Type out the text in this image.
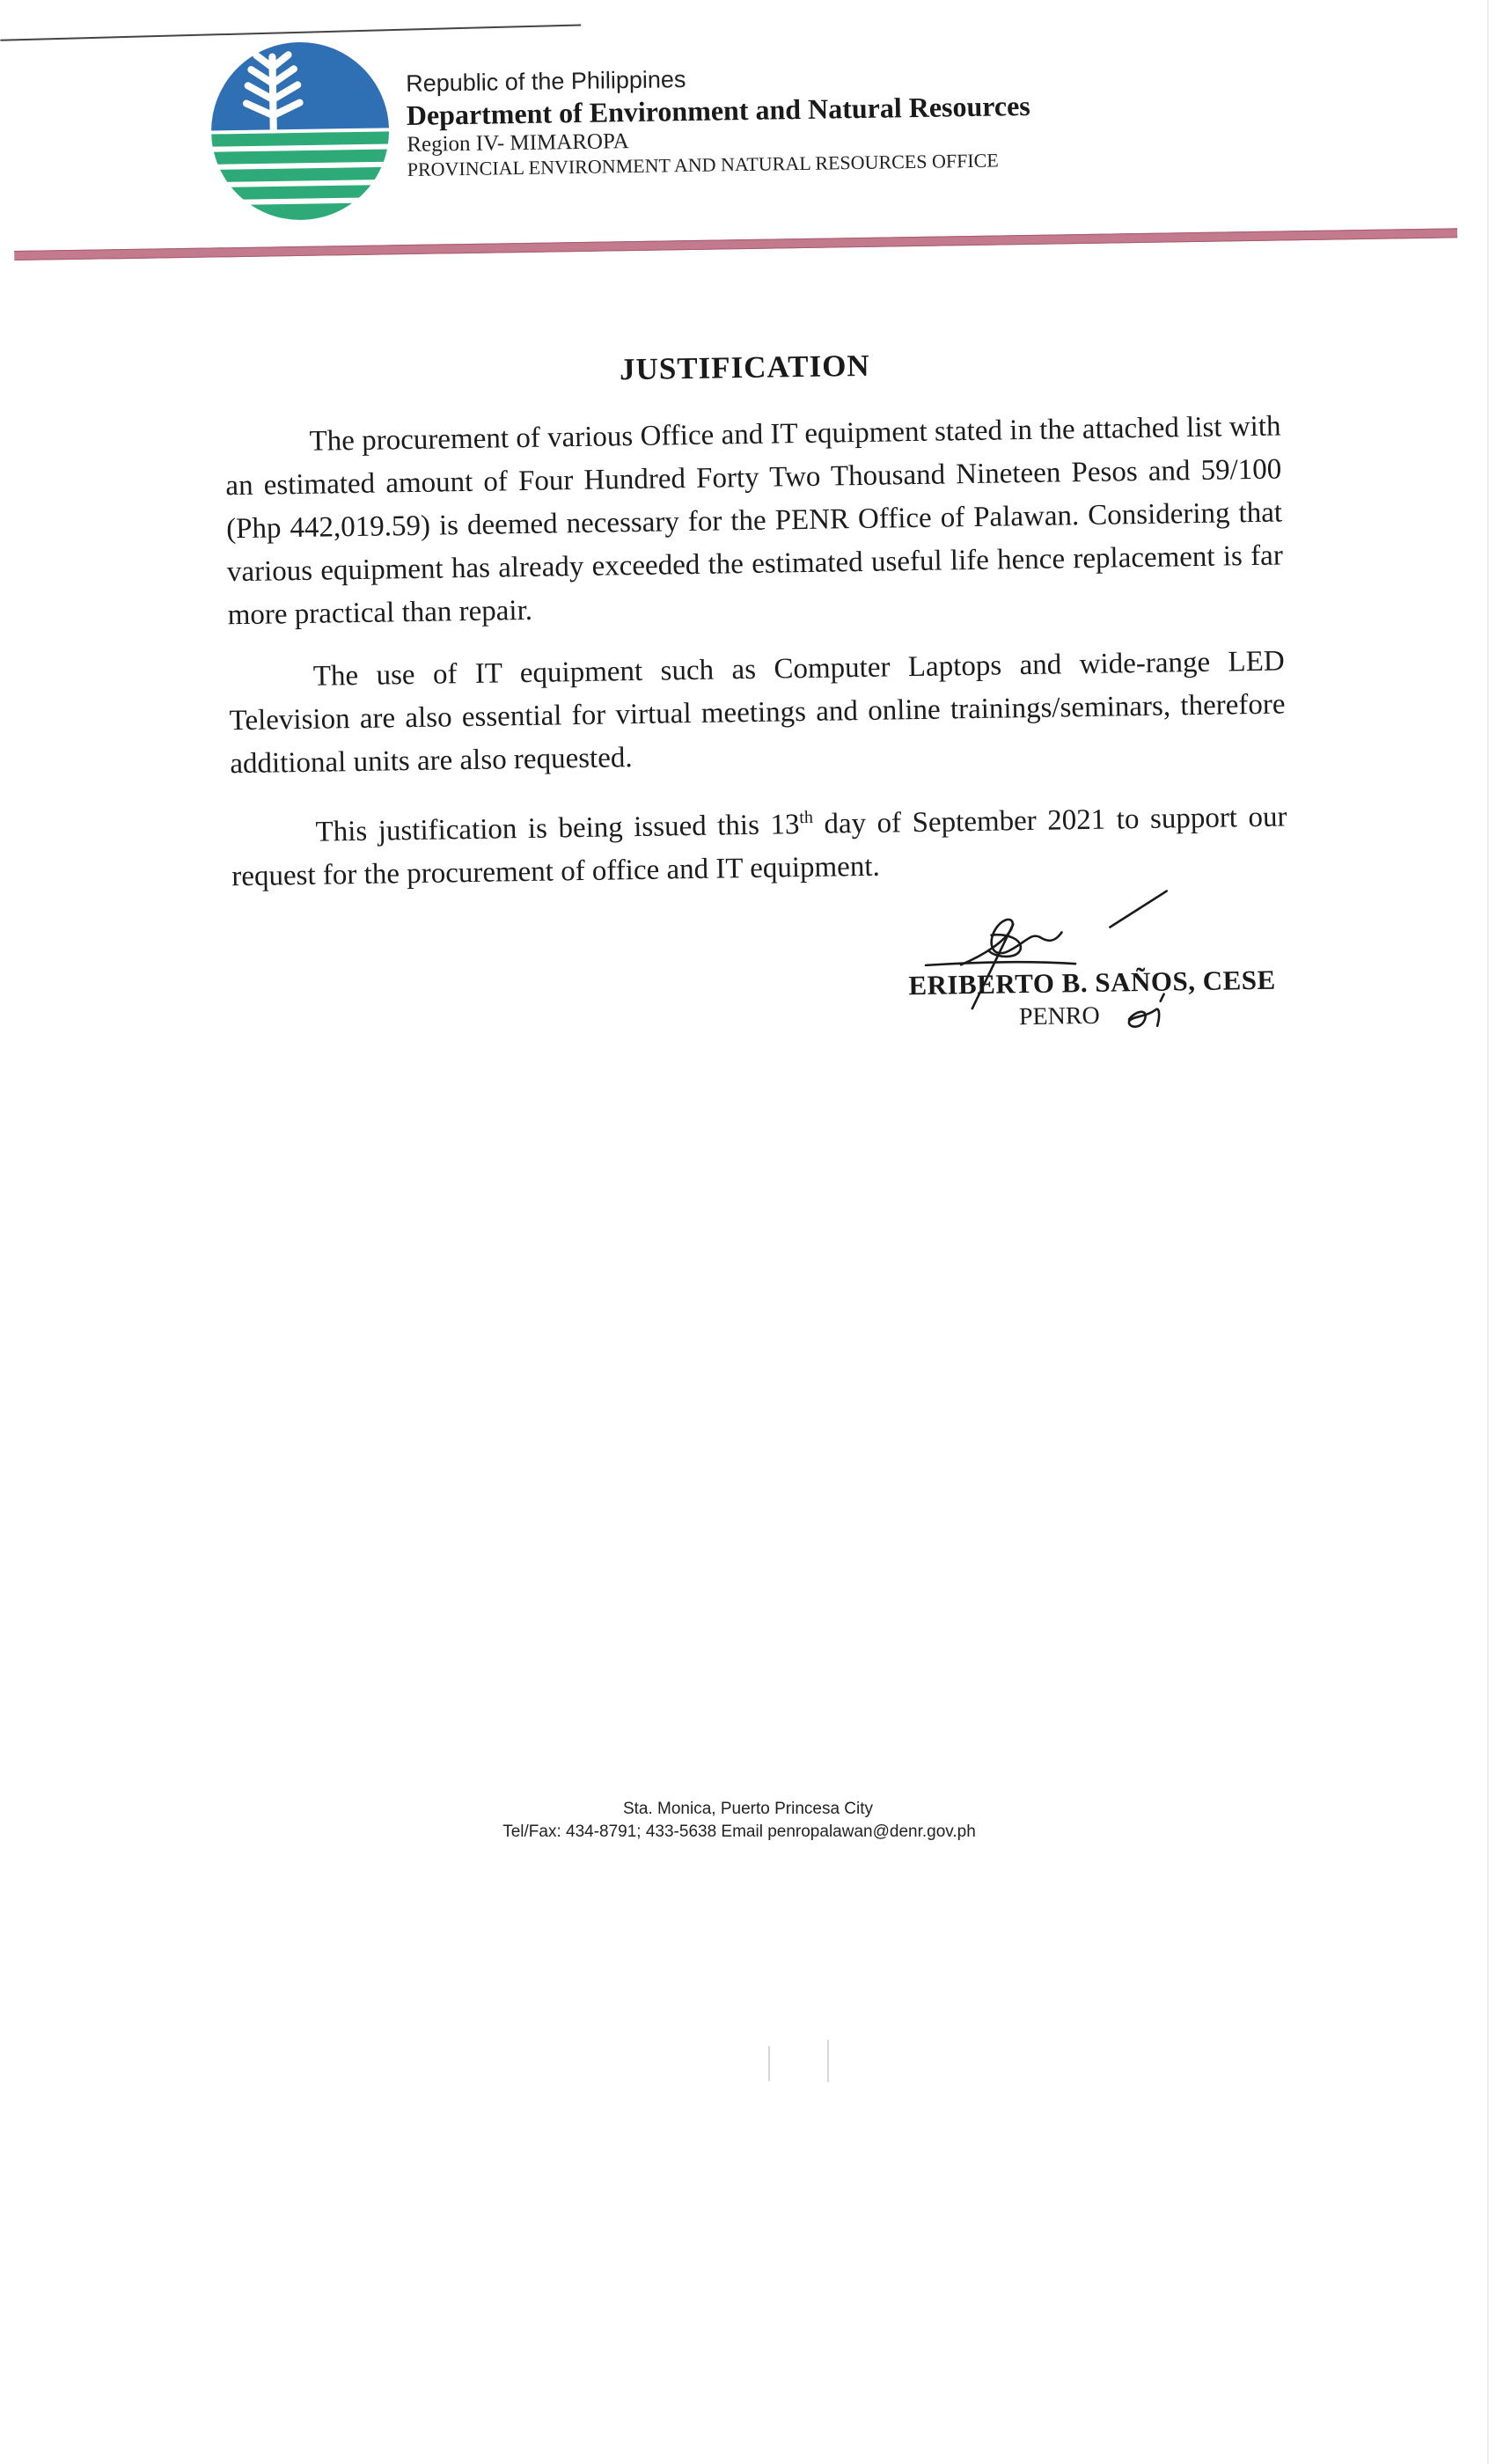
Republic of the Philippines
Department of Environment and Natural Resources
Region IV- MIMAROPA
PROVINCIAL ENVIRONMENT AND NATURAL RESOURCES OFFICE
JUSTIFICATION

The procurement of various Office and IT equipment stated in the attached list with an estimated amount of Four Hundred Forty Two Thousand Nineteen Pesos and 59/100 (Php 442,019.59) is deemed necessary for the PENR Office of Palawan. Considering that various equipment has already exceeded the estimated useful life hence replacement is far more practical than repair.

The use of IT equipment such as Computer Laptops and wide-range LED Television are also essential for virtual meetings and online trainings/seminars, therefore additional units are also requested.

This justification is being issued this 13th day of September 2021 to support our request for the procurement of office and IT equipment.

ERIBERTO B. SAÑOS, CESE
PENRO
Sta. Monica, Puerto Princesa City
Tel/Fax: 434-8791; 433-5638 Email penropalawan@denr.gov.ph
